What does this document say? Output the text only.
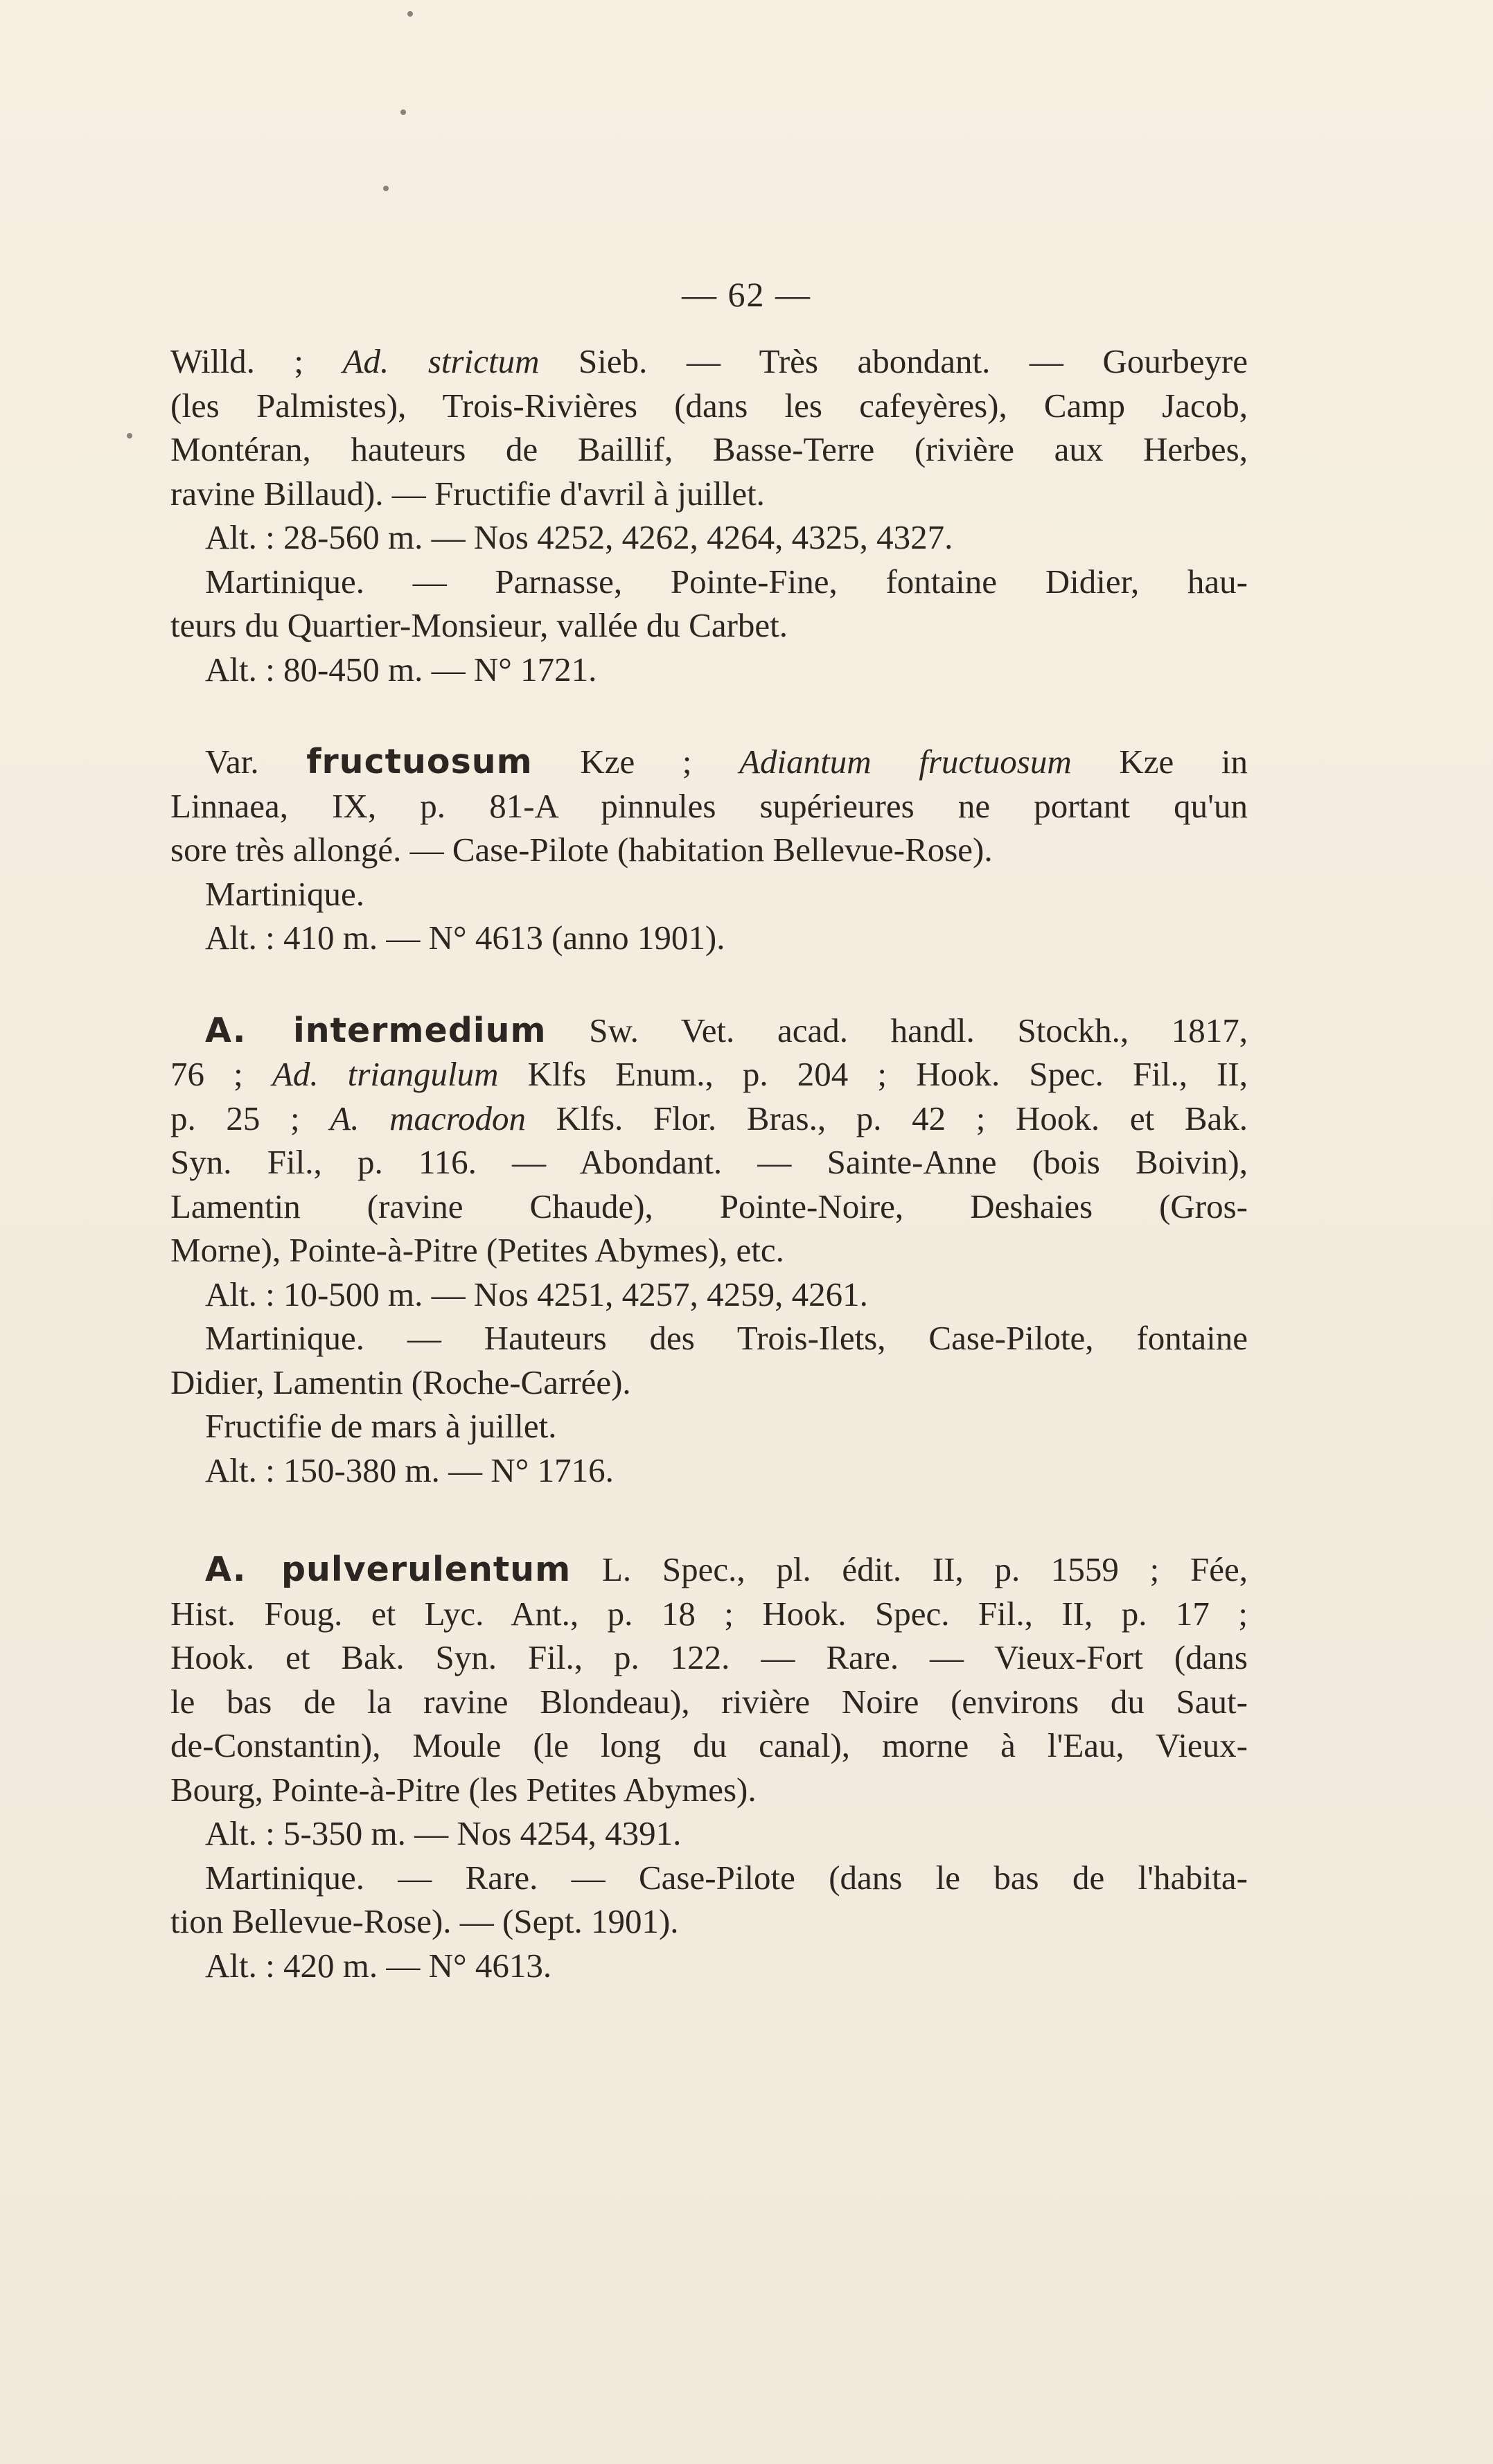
— 62 —
Willd. ; Ad. strictum Sieb. — Très abondant. — Gourbeyre
(les Palmistes), Trois-Rivières (dans les cafeyères), Camp Jacob,
Montéran, hauteurs de Baillif, Basse-Terre (rivière aux Herbes,
ravine Billaud). — Fructifie d'avril à juillet.
Alt. : 28-560 m. — Nos 4252, 4262, 4264, 4325, 4327.
Martinique. — Parnasse, Pointe-Fine, fontaine Didier, hau-
teurs du Quartier-Monsieur, vallée du Carbet.
Alt. : 80-450 m. — N° 1721.
Var. fructuosum Kze ; Adiantum fructuosum Kze in
Linnaea, IX, p. 81-A pinnules supérieures ne portant qu'un
sore très allongé. — Case-Pilote (habitation Bellevue-Rose).
Martinique.
Alt. : 410 m. — N° 4613 (anno 1901).
A. intermedium Sw. Vet. acad. handl. Stockh., 1817,
76 ; Ad. triangulum Klfs Enum., p. 204 ; Hook. Spec. Fil., II,
p. 25 ; A. macrodon Klfs. Flor. Bras., p. 42 ; Hook. et Bak.
Syn. Fil., p. 116. — Abondant. — Sainte-Anne (bois Boivin),
Lamentin (ravine Chaude), Pointe-Noire, Deshaies (Gros-
Morne), Pointe-à-Pitre (Petites Abymes), etc.
Alt. : 10-500 m. — Nos 4251, 4257, 4259, 4261.
Martinique. — Hauteurs des Trois-Ilets, Case-Pilote, fontaine
Didier, Lamentin (Roche-Carrée).
Fructifie de mars à juillet.
Alt. : 150-380 m. — N° 1716.
A. pulverulentum L. Spec., pl. édit. II, p. 1559 ; Fée,
Hist. Foug. et Lyc. Ant., p. 18 ; Hook. Spec. Fil., II, p. 17 ;
Hook. et Bak. Syn. Fil., p. 122. — Rare. — Vieux-Fort (dans
le bas de la ravine Blondeau), rivière Noire (environs du Saut-
de-Constantin), Moule (le long du canal), morne à l'Eau, Vieux-
Bourg, Pointe-à-Pitre (les Petites Abymes).
Alt. : 5-350 m. — Nos 4254, 4391.
Martinique. — Rare. — Case-Pilote (dans le bas de l'habita-
tion Bellevue-Rose). — (Sept. 1901).
Alt. : 420 m. — N° 4613.
